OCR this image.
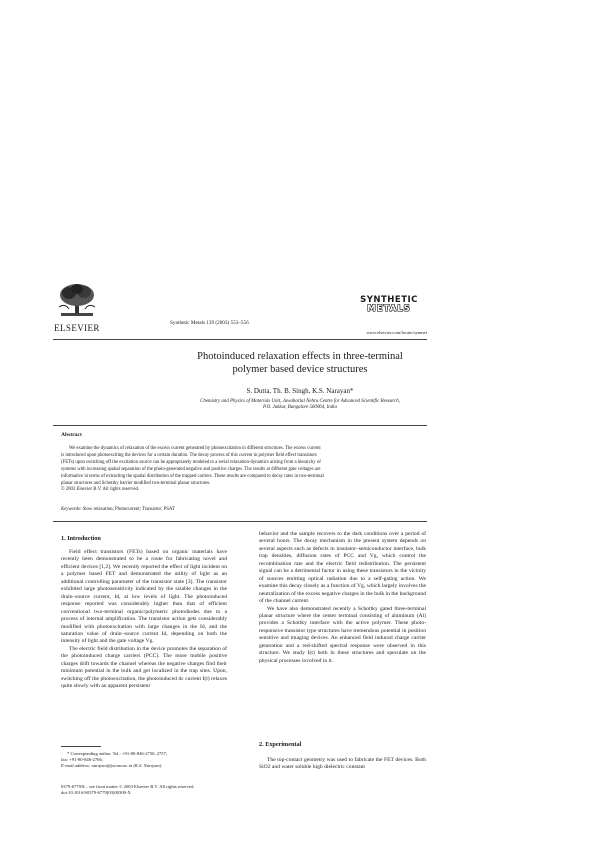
ELSEVIER	Synthetic Metals 139 (2003) 553–556
SYNTHETIC
METALS
www.elsevier.com/locate/synmet
Photoinduced relaxation effects in three-terminal
polymer based device structures
S. Dutta, Th. B. Singh, K.S. Narayan*
Chemistry and Physics of Materials Unit, Jawaharlal Nehru Centre for Advanced Scientific Research,
P.O. Jakkur, Bangalore 560064, India
Abstract
We examine the dynamics of relaxation of the excess current generated by photoexcitation in different structures. The excess current
is introduced upon photoexciting the devices for a certain duration. The decay process of this current in polymer field effect transistors
(FETs) upon switching off the excitation source can be appropriately modeled to a serial relaxation-dynamics arising from a hierarchy of
systems with increasing spatial separation of the photo-generated negative and positive charges. The results at different gate voltages are
informative in terms of extracting the spatial distribution of the trapped carriers. These results are compared to decay rates in two-terminal
planar structures and Schottky barrier modified two-terminal planar structures.
© 2003 Elsevier B.V. All rights reserved.
Keywords: Slow relaxation; Photocurrent; Transistor; PSAT
1. Introduction

Field effect transistors (FETs) based on organic materials have recently been demonstrated to be a route for fabricating novel and efficient devices [1,2]. We recently reported the effect of light incident on a polymer based FET and demonstrated the utility of light as an additional controlling parameter of the transistor state [3]. The transistor exhibited large photosensitivity indicated by the sizable changes in the drain–source current, Id, at low levels of light. The photoinduced response reported was considerably higher than that of efficient conventional two-terminal organic/polymeric photodiodes due to a process of internal amplification. The transistor action gets considerably modified with photoexcitation with large changes in the Id, and the saturation value of drain–source current Id, depending on both the intensity of light and the gate voltage Vg.

The electric field distribution in the device promotes the separation of the photoinduced charge carriers (PCC). The more mobile positive charges drift towards the channel whereas the negative charges find their minimum potential in the bulk and get localized in the trap sites. Upon, switching off the photoexcitation, the photoinduced dc current I(t) relaxes quite slowly with an apparent persistent

* Corresponding author. Tel.: +91-80-846-2750–2757;
fax: +91-80-846-2766.
E-mail address: narayan@jncasr.ac.in (K.S. Narayan).
0379-6779/$ – see front matter © 2003 Elsevier B.V. All rights reserved.
doi:10.1016/S0379-6779(03)00300-X

behavior and the sample recovers to the dark conditions over a period of several hours. The decay mechanism in the present system depends on several aspects such as defects in insulator–semiconductor interface, bulk trap densities, diffusion rates of PCC and Vg, which control the recombination rate and the electric field redistribution. The persistent signal can be a detrimental factor in using these transistors in the vicinity of sources emitting optical radiation due to a self-gating action. We examine this decay closely as a function of Vg, which largely involves the neutralization of the excess negative charges in the bulk in the background of the channel current.

We have also demonstrated recently a Schottky gated three-terminal planar structure where the center terminal consisting of aluminum (Al) provides a Schottky interface with the active polymer. These photo-responsive transistor type structures have tremendous potential in position sensitive and imaging devices. An enhanced field induced charge carrier generation and a red-shifted spectral response were observed in this structure. We study I(t) both in these structures and speculate on the physical processes involved in it.

2. Experimental

The top-contact geometry was used to fabricate the FET devices. Both SiO2 and water soluble high dielectric constant
